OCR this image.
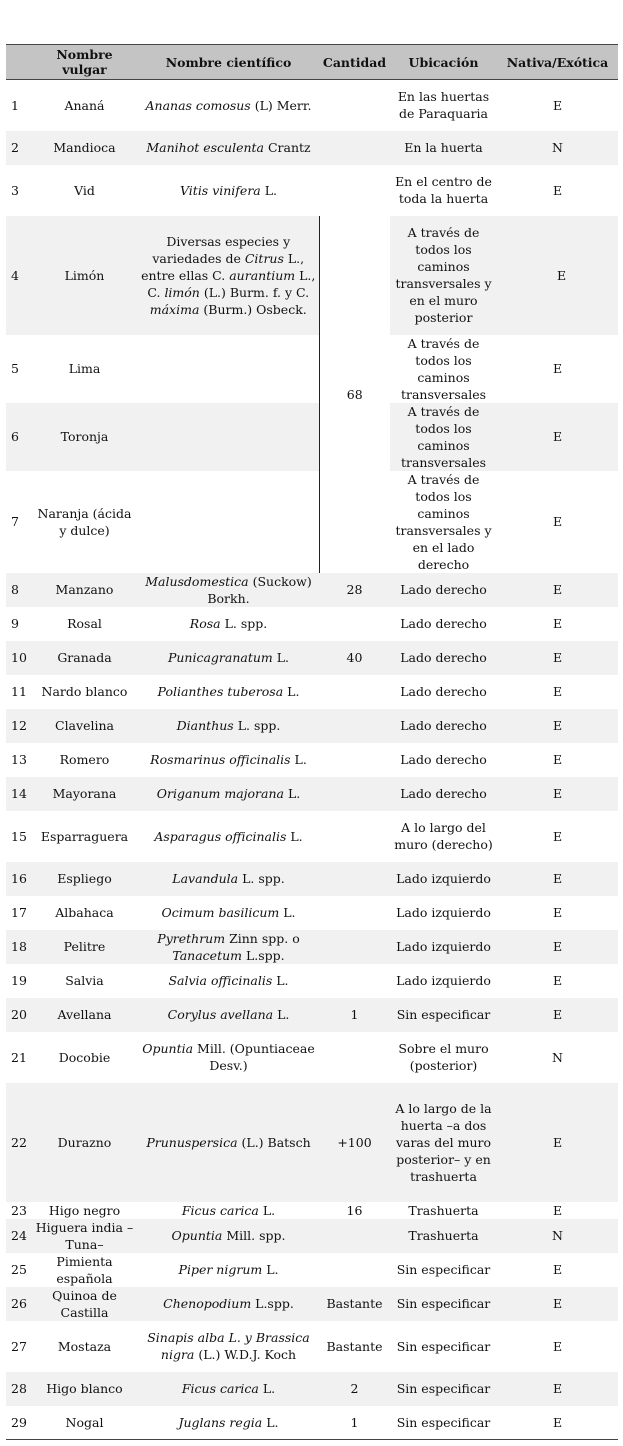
	Nombre vulgar	Nombre científico	Cantidad	Ubicación	Nativa/Exótica
1	Ananá	Ananas comosus (L) Merr.		En las huertas de Paraquaria	E
2	Mandioca	Manihot esculenta Crantz		En la huerta	N
3	Vid	Vitis vinifera L.		En el centro de toda la huerta	E
4	Limón	Diversas especies y variedades de Citrus L., entre ellas C. aurantium L., C. limón (L.) Burm. f. y C. máxima (Burm.) Osbeck.	68	A través de todos los caminos transversales y en el muro posterior	E
5	Lima			A través de todos los caminos transversales	E
6	Toronja			A través de todos los caminos transversales	E
7	Naranja (ácida y dulce)			A través de todos los caminos transversales y en el lado derecho	E
8	Manzano	Malusdomestica (Suckow) Borkh.	28	Lado derecho	E
9	Rosal	Rosa L. spp.		Lado derecho	E
10	Granada	Punicagranatum L.	40	Lado derecho	E
11	Nardo blanco	Polianthes tuberosa L.		Lado derecho	E
12	Clavelina	Dianthus L. spp.		Lado derecho	E
13	Romero	Rosmarinus officinalis L.		Lado derecho	E
14	Mayorana	Origanum majorana L.		Lado derecho	E
15	Esparraguera	Asparagus officinalis L.		A lo largo del muro (derecho)	E
16	Espliego	Lavandula L. spp.		Lado izquierdo	E
17	Albahaca	Ocimum basilicum L.		Lado izquierdo	E
18	Pelitre	Pyrethrum Zinn spp. o Tanacetum L.spp.		Lado izquierdo	E
19	Salvia	Salvia officinalis L.		Lado izquierdo	E
20	Avellana	Corylus avellana L.	1	Sin especificar	E
21	Docobie	Opuntia Mill. (Opuntiaceae Desv.)		Sobre el muro (posterior)	N
22	Durazno	Prunuspersica (L.) Batsch	+100	A lo largo de la huerta –a dos varas del muro posterior– y en trashuerta	E
23	Higo negro	Ficus carica L.	16	Trashuerta	E
24	Higuera india –Tuna–	Opuntia Mill. spp.		Trashuerta	N
25	Pimienta española	Piper nigrum L.		Sin especificar	E
26	Quinoa de Castilla	Chenopodium L.spp.	Bastante	Sin especificar	E
27	Mostaza	Sinapis alba L. y Brassica nigra (L.) W.D.J. Koch	Bastante	Sin especificar	E
28	Higo blanco	Ficus carica L.	2	Sin especificar	E
29	Nogal	Juglans regia L.	1	Sin especificar	E
